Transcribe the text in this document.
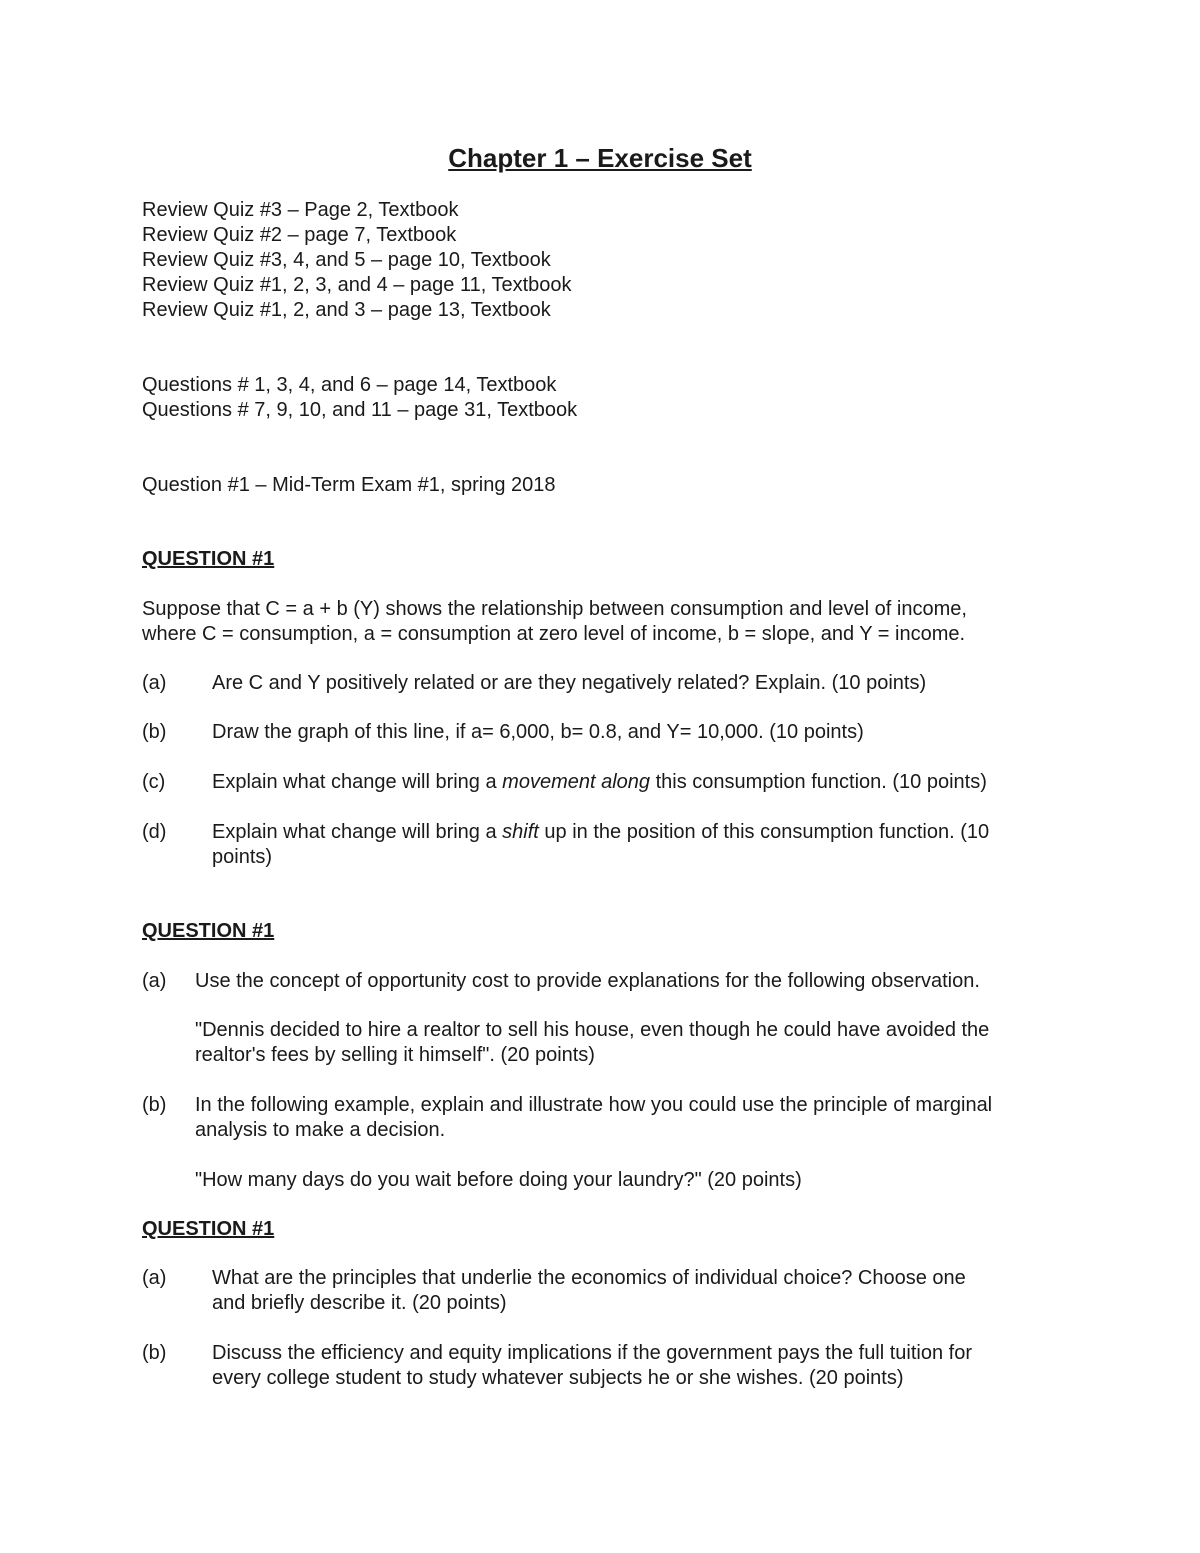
Chapter 1 – Exercise Set
Review Quiz #3 – Page 2, Textbook
Review Quiz #2 – page 7, Textbook
Review Quiz #3, 4, and 5 – page 10, Textbook
Review Quiz #1, 2, 3, and 4 – page 11, Textbook
Review Quiz #1, 2, and 3 – page 13, Textbook
Questions # 1, 3, 4, and 6 – page 14, Textbook
Questions # 7, 9, 10, and 11 – page 31, Textbook
Question #1 – Mid-Term Exam #1, spring 2018
QUESTION #1
Suppose that C = a + b (Y) shows the relationship between consumption and level of income,
where C = consumption, a = consumption at zero level of income, b = slope, and Y = income.
(a) Are C and Y positively related or are they negatively related? Explain. (10 points)
(b) Draw the graph of this line, if a= 6,000, b= 0.8, and Y= 10,000. (10 points)
(c) Explain what change will bring a movement along this consumption function. (10 points)
(d) Explain what change will bring a shift up in the position of this consumption function. (10
points)
QUESTION #1
(a) Use the concept of opportunity cost to provide explanations for the following observation.
"Dennis decided to hire a realtor to sell his house, even though he could have avoided the
realtor's fees by selling it himself". (20 points)
(b) In the following example, explain and illustrate how you could use the principle of marginal
analysis to make a decision.
"How many days do you wait before doing your laundry?" (20 points)
QUESTION #1
(a) What are the principles that underlie the economics of individual choice? Choose one
and briefly describe it. (20 points)
(b) Discuss the efficiency and equity implications if the government pays the full tuition for
every college student to study whatever subjects he or she wishes. (20 points)
